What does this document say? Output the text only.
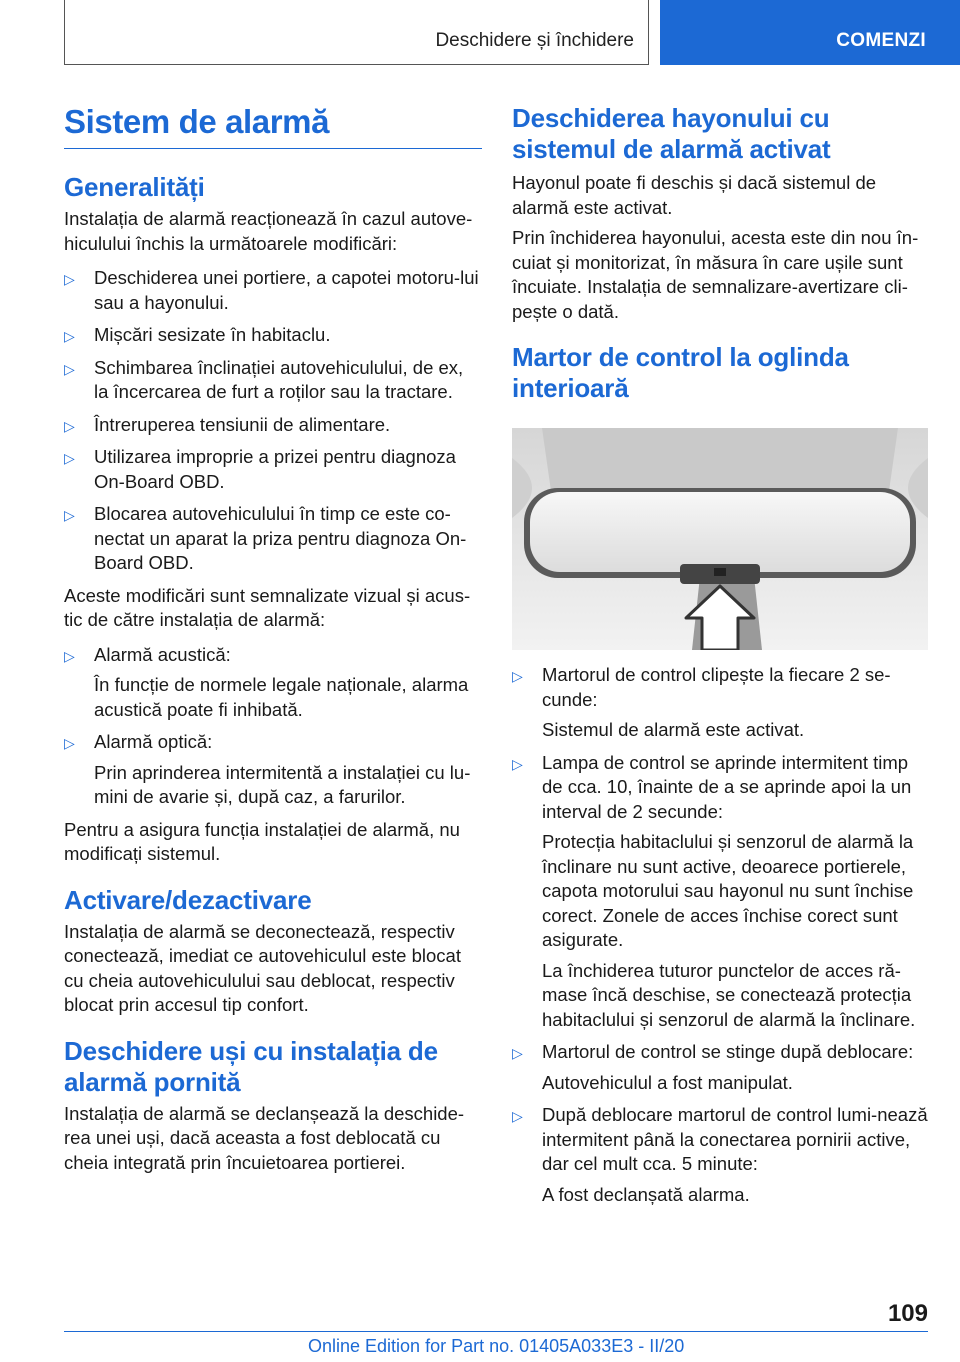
Deschidere și închidere	COMENZI
Sistem de alarmă
Generalități

Instalația de alarmă reacționează în cazul autove-hiculului închis la următoarele modificări:

▷ Deschiderea unei portiere, a capotei motoru-lui sau a hayonului.
▷ Mișcări sesizate în habitaclu.
▷ Schimbarea înclinației autovehiculului, de ex, la încercarea de furt a roților sau la tractare.
▷ Întreruperea tensiunii de alimentare.
▷ Utilizarea improprie a prizei pentru diagnoza On-Board OBD.
▷ Blocarea autovehiculului în timp ce este co-nectat un aparat la priza pentru diagnoza On-Board OBD.

Aceste modificări sunt semnalizate vizual și acus-tic de către instalația de alarmă:

▷ Alarmă acustică:
În funcție de normele legale naționale, alarma acustică poate fi inhibată.
▷ Alarmă optică:
Prin aprinderea intermitentă a instalației cu lu-mini de avarie și, după caz, a farurilor.

Pentru a asigura funcția instalației de alarmă, nu modificați sistemul.

Activare/dezactivare

Instalația de alarmă se deconectează, respectiv conectează, imediat ce autovehiculul este blocat cu cheia autovehiculului sau deblocat, respectiv blocat prin accesul tip confort.

Deschidere uși cu instalația de alarmă pornită

Instalația de alarmă se declanșează la deschide-rea unei uși, dacă aceasta a fost deblocată cu cheia integrată prin încuietoarea portierei.

Deschiderea hayonului cu sistemul de alarmă activat

Hayonul poate fi deschis și dacă sistemul de alarmă este activat.

Prin închiderea hayonului, acesta este din nou în-cuiat și monitorizat, în măsura în care ușile sunt încuiate. Instalația de semnalizare-avertizare cli-pește o dată.

Martor de control la oglinda interioară
▷ Martorul de control clipește la fiecare 2 se-cunde:
Sistemul de alarmă este activat.
▷ Lampa de control se aprinde intermitent timp de cca. 10, înainte de a se aprinde apoi la un interval de 2 secunde:
Protecția habitaclului și senzorul de alarmă la înclinare nu sunt active, deoarece portierele, capota motorului sau hayonul nu sunt închise corect. Zonele de acces închise corect sunt asigurate.
La închiderea tuturor punctelor de acces ră-mase încă deschise, se conectează protecția habitaclului și senzorul de alarmă la înclinare.
▷ Martorul de control se stinge după deblocare:
Autovehiculul a fost manipulat.
▷ După deblocare martorul de control lumi-nează intermitent până la conectarea pornirii active, dar cel mult cca. 5 minute:
A fost declanșată alarma.
109
Online Edition for Part no. 01405A033E3 - II/20
